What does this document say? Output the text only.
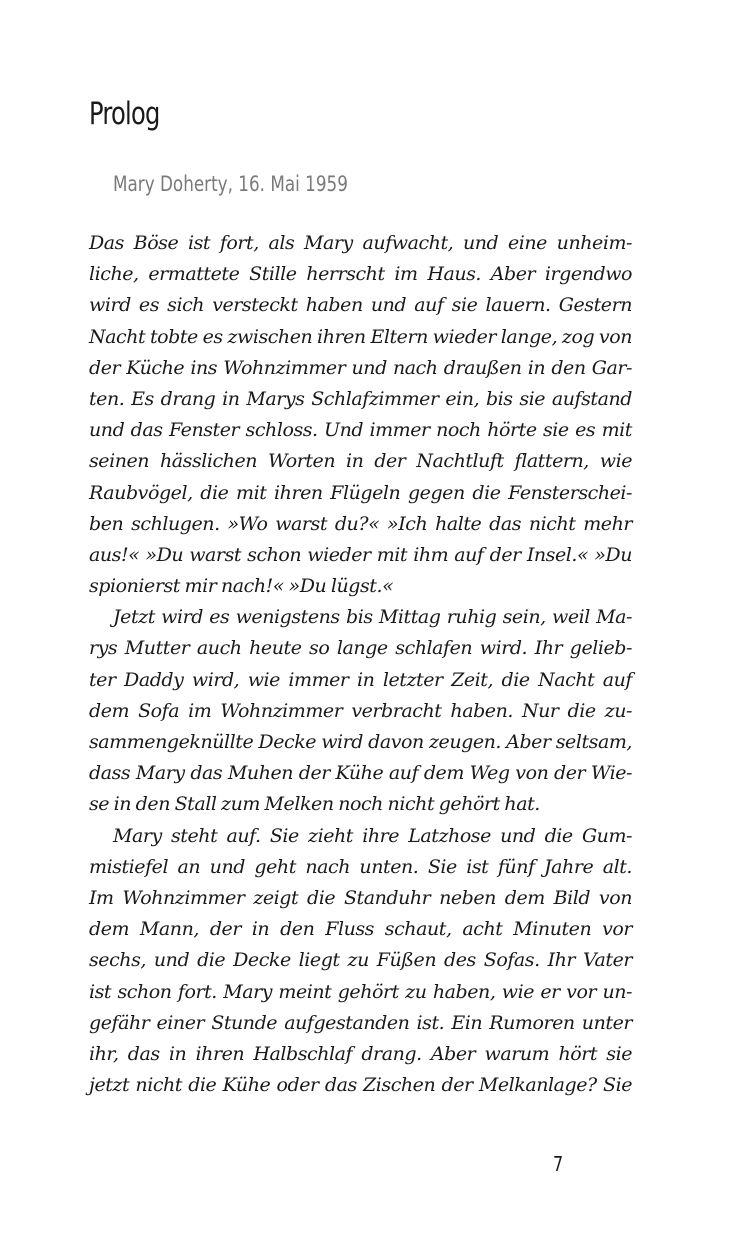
Prolog
Mary Doherty, 16. Mai 1959
Das Böse ist fort, als Mary aufwacht, und eine unheim-
liche, ermattete Stille herrscht im Haus. Aber irgendwo
wird es sich versteckt haben und auf sie lauern. Gestern
Nacht tobte es zwischen ihren Eltern wieder lange, zog von
der Küche ins Wohnzimmer und nach draußen in den Gar-
ten. Es drang in Marys Schlafzimmer ein, bis sie aufstand
und das Fenster schloss. Und immer noch hörte sie es mit
seinen hässlichen Worten in der Nachtluft flattern, wie
Raubvögel, die mit ihren Flügeln gegen die Fensterschei-
ben schlugen. »Wo warst du?« »Ich halte das nicht mehr
aus!« »Du warst schon wieder mit ihm auf der Insel.« »Du
spionierst mir nach!« »Du lügst.«
Jetzt wird es wenigstens bis Mittag ruhig sein, weil Ma-
rys Mutter auch heute so lange schlafen wird. Ihr gelieb-
ter Daddy wird, wie immer in letzter Zeit, die Nacht auf
dem Sofa im Wohnzimmer verbracht haben. Nur die zu-
sammengeknüllte Decke wird davon zeugen. Aber seltsam,
dass Mary das Muhen der Kühe auf dem Weg von der Wie-
se in den Stall zum Melken noch nicht gehört hat.
Mary steht auf. Sie zieht ihre Latzhose und die Gum-
mistiefel an und geht nach unten. Sie ist fünf Jahre alt.
Im Wohnzimmer zeigt die Standuhr neben dem Bild von
dem Mann, der in den Fluss schaut, acht Minuten vor
sechs, und die Decke liegt zu Füßen des Sofas. Ihr Vater
ist schon fort. Mary meint gehört zu haben, wie er vor un-
gefähr einer Stunde aufgestanden ist. Ein Rumoren unter
ihr, das in ihren Halbschlaf drang. Aber warum hört sie
jetzt nicht die Kühe oder das Zischen der Melkanlage? Sie
7
